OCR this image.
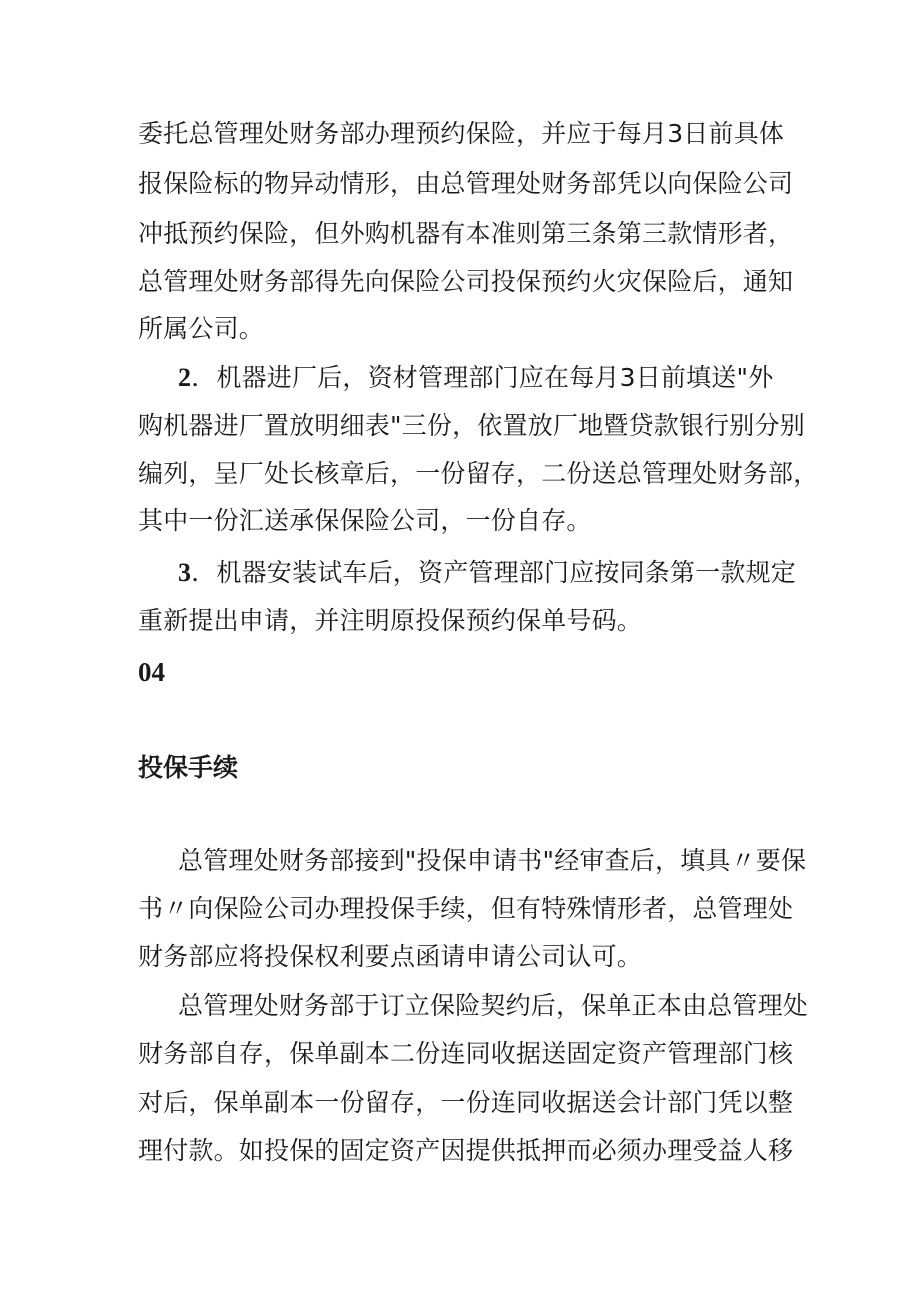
委托总管理处财务部办理预约保险，并应于每月3日前具体
报保险标的物异动情形，由总管理处财务部凭以向保险公司
冲抵预约保险，但外购机器有本准则第三条第三款情形者，
总管理处财务部得先向保险公司投保预约火灾保险后，通知
所属公司。
2．机器进厂后，资材管理部门应在每月3日前填送"外
购机器进厂置放明细表"三份，依置放厂地暨贷款银行别分别
编列，呈厂处长核章后，一份留存，二份送总管理处财务部，
其中一份汇送承保保险公司，一份自存。
3．机器安装试车后，资产管理部门应按同条第一款规定
重新提出申请，并注明原投保预约保单号码。
04
投保手续
总管理处财务部接到"投保申请书"经审查后，填具〃要保
书〃向保险公司办理投保手续，但有特殊情形者，总管理处
财务部应将投保权利要点函请申请公司认可。
总管理处财务部于订立保险契约后，保单正本由总管理处
财务部自存，保单副本二份连同收据送固定资产管理部门核
对后，保单副本一份留存，一份连同收据送会计部门凭以整
理付款。如投保的固定资产因提供抵押而必须办理受益人移
